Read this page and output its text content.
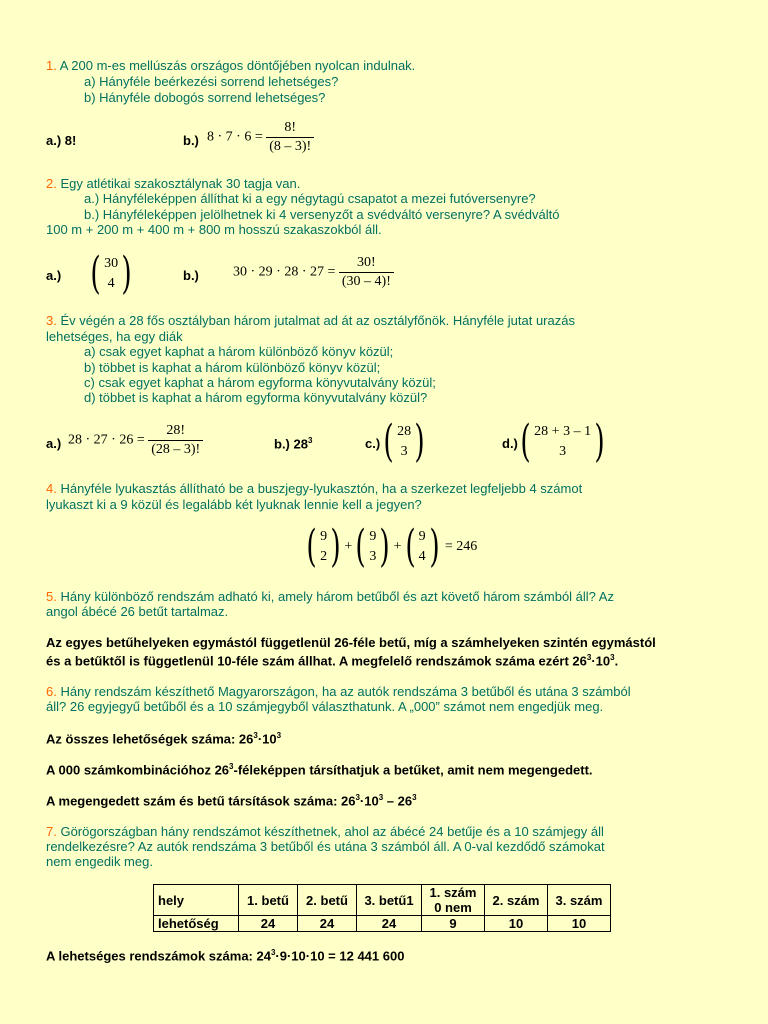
1. A 200 m-es mellúszás országos döntőjében nyolcan indulnak.
a) Hányféle beérkezési sorrend lehetséges?
b) Hányféle dobogós sorrend lehetséges?
a.) 8!	b.) $8 \cdot 7 \cdot 6 = \frac{8!}{(8 - 3)!}$
2. Egy atlétikai szakosztálynak 30 tagja van.
a.) Hányféleképpen állíthat ki a egy négytagú csapatot a mezei futóversenyre?
b.) Hányféleképpen jelölhetnek ki 4 versenyzőt a svédváltó versenyre? A svédváltó
100 m + 200 m + 400 m + 800 m hosszú szakaszokból áll.
a.) ( 30
4 )	b.) $30 \cdot 29 \cdot 28 \cdot 27 = \frac{30!}{(30 - 4)!}$
3. Év végén a 28 fős osztályban három jutalmat ad át az osztályfőnök. Hányféle jutat urazás
lehetséges, ha egy diák
a) csak egyet kaphat a három különböző könyv közül;
b) többet is kaphat a három különböző könyv közül;
c) csak egyet kaphat a három egyforma könyvutalvány közül;
d) többet is kaphat a három egyforma könyvutalvány közül?
a.) $28 \cdot 27 \cdot 26 = \frac{28!}{(28 - 3)!}$	b.) $28^3$	c.) ( 28
3 )	d.) ( 28 + 3 – 1
3 )
4. Hányféle lyukasztás állítható be a buszjegy-lyukasztón, ha a szerkezet legfeljebb 4 számot
lyukaszt ki a 9 közül és legalább két lyuknak lennie kell a jegyen?
( 9
2 ) + ( 9
3 ) + ( 9
4 ) = 246
5. Hány különböző rendszám adható ki, amely három betűből és azt követő három számból áll? Az
angol ábécé 26 betűt tartalmaz.
Az egyes betűhelyeken egymástól függetlenül 26-féle betű, míg a számhelyeken szintén egymástól
és a betűktől is függetlenül 10-féle szám állhat. A megfelelő rendszámok száma ezért $26^3\cdot 10^3$.
6. Hány rendszám készíthető Magyarországon, ha az autók rendszáma 3 betűből és utána 3 számból
áll? 26 egyjegyű betűből és a 10 számjegyből választhatunk. A „000” számot nem engedjük meg.
Az összes lehetőségek száma: $26^3\cdot 10^3$
A 000 számkombinációhoz $26^3$-féleképpen társíthatjuk a betűket, amit nem megengedett.
A megengedett szám és betű társítások száma: $26^3\cdot 10^3 - 26^3$
7. Görögországban hány rendszámot készíthetnek, ahol az ábécé 24 betűje és a 10 számjegy áll
rendelkezésre? Az autók rendszáma 3 betűből és utána 3 számból áll. A 0-val kezdődő számokat
nem engedik meg.
hely	1. betű	2. betű	3. betű1	1. szám
0 nem	2. szám	3. szám
lehetőség	24	24	24	9	10	10
A lehetséges rendszámok száma: $24^3\cdot 9\cdot 10\cdot 10 = 12$ 441 600
